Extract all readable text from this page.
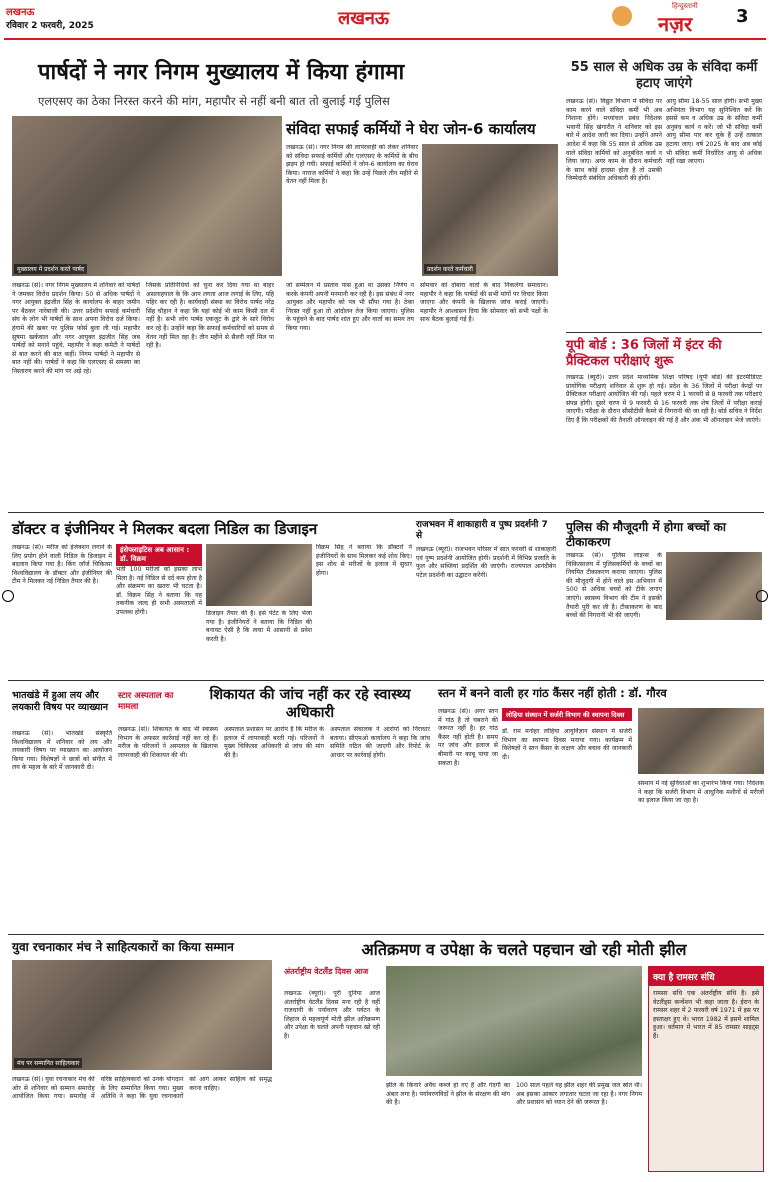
लखनऊ
रविवार 2 फरवरी, 2025	लखनऊ
हिन्दुस्तानी
नज़र 3
पार्षदों ने नगर निगम मुख्यालय में किया हंगामा
एलएसए का ठेका निरस्त करने की मांग, महापौर से नहीं बनी बात तो बुलाई गई पुलिस
मुख्यालय में प्रदर्शन करते पार्षद
लखनऊ (सं)। नगर निगम मुख्यालय में शनिवार को पार्षदों ने जमकर विरोध प्रदर्शन किया। 50 से अधिक पार्षदों ने नगर आयुक्त इंद्रजीत सिंह के कार्यालय के बाहर जमीन पर बैठकर नारेबाजी की। उत्तर प्रदेशीय सफाई कर्मचारी संघ के लोग भी पार्षदों के साथ अपना विरोध दर्ज किया। हंगामे की खबर पर पुलिस फोर्स बुला ली गई। महापौर सुषमा खर्कवाल और नगर आयुक्त इंद्रजीत सिंह जब पार्षदों को मनाने पहुंचे, महापौर ने कहा कमेटी ने पार्षदों से बात करने की बात कहीं। निगम पार्षदों ने महापौर से बात नहीं की। पार्षदों ने कहा कि एलएसए से समस्या का निस्तारण करने की मांग पर अड़े रहे।
जिसके प्रतिनिधियों को चुना कर दिया गया था बाहर असलाहपाल के कि आप लगता आज लगाई के लिए, पहि पहिर कर रही है। कार्यवाही संस्था का विरोध पार्षद नरेंद्र सिंह चौहान ने कहा कि यहां कोई भी काम किसी दल में नहीं है। सभी लोग पार्षद एकजुट के द्वारे के सारे विरोध कर रहे है। उन्होंने कहा कि सफाई कर्मचारियों को समय से वेतन नहीं मिल रहा है। तीन महीने से सैलरी नहीं मिल पा रही है।
जो सम्मेलन में प्रस्ताव पास हुआ था उसका निर्णय न करके कंपनी अपनी मनमानी कर रही है। इस संबंध में नगर आयुक्त और महापौर को पत्र भी सौंपा गया है। ठेका निरस्त नहीं हुआ तो आंदोलन तेज किया जाएगा। पुलिस के पहुंचने के बाद पार्षद शांत हुए और वार्ता का समय तय किया गया।
सोमवार को दोबारा वार्ता के बाद निकलेगा समाधान। महापौर ने कहा कि पार्षदों की सभी मांगों पर विचार किया जाएगा और कंपनी के खिलाफ जांच कराई जाएगी। महापौर ने आश्वासन दिया कि सोमवार को सभी पक्षों के साथ बैठक बुलाई गई है।
संविदा सफाई कर्मियों ने घेरा जोन-6 कार्यालय
लखनऊ (सं)। नगर निगम की लापरवाही को लेकर शनिवार को संविदा सफाई कर्मियों और एलएसए के कर्मियों के बीच झड़प हो गयी। सफाई कर्मियों ने जोन-6 कार्यालय का घेराव किया। नाराज कर्मियों ने कहा कि उन्हें पिछले तीन महीने से वेतन नहीं मिला है।
प्रदर्शन करते कर्मचारी
55 साल से अधिक उम्र के संविदा कर्मी हटाए जाएंगे
लखनऊ (सं)। विद्युत विभाग में संविदा पर काम करने वाले संविदा कर्मी भी अब निशाना होंगे। मध्यांचल प्रबंध निदेशक भवानी सिंह खंगारौत ने शनिवार को इस बारे में आदेश जारी कर दिया। उन्होंने अपने आदेश में कहा कि 55 साल से अधिक उम्र वाले संविदा कर्मियों को अनुबंधित कार्य न लिया जाए। अगर काम के दौरान कर्मचारी के साथ कोई हादसा होता है तो उसकी जिम्मेदारी संबंधित अधिकारी की होगी।
आयु सीमा 18-55 साल होगी। सभी मुख्य अभियंता विभाग यह सुनिश्चित करें कि इससे कम व अधिक उम्र के संविदा कर्मी अनुबंध कार्य न करें। जो भी संविदा कर्मी आयु सीमा पार कर चुके हैं उन्हें तत्काल हटाया जाए। वर्ष 2025 के बाद अब कोई भी संविदा कर्मी निर्धारित आयु से अधिक नहीं रखा जाएगा।
यूपी बोर्ड : 36 जिलों में इंटर की प्रैक्टिकल परीक्षाएं शुरू
लखनऊ (ब्यूरो)। उत्तर प्रदेश माध्यमिक शिक्षा परिषद (यूपी बोर्ड) की इंटरमीडिएट प्रायोगिक परीक्षाएं शनिवार से शुरू हो गई। प्रदेश के 36 जिलों में परीक्षा केन्द्रों पर प्रैक्टिकल परीक्षाएं आयोजित की गईं। पहले चरण में 1 फरवरी से 8 फरवरी तक परीक्षाएं संपन्न होंगी। दूसरे चरण में 9 फरवरी से 16 फरवरी तक शेष जिलों में परीक्षा कराई जाएगी। परीक्षा के दौरान सीसीटीवी कैमरे से निगरानी की जा रही है। बोर्ड सचिव ने निर्देश दिए हैं कि परीक्षकों की तैनाती ऑनलाइन की गई है और अंक भी ऑनलाइन भेजे जाएंगे।
डॉक्टर व इंजीनियर ने मिलकर बदला निडिल का डिजाइन
लखनऊ (सं)। मरीज को इंजेक्शन लगाने के लिए प्रयोग होने वाली निडिल के डिजाइन में बदलाव किया गया है। किंग जॉर्ज चिकित्सा विश्वविद्यालय के डॉक्टर और इंजीनियर की टीम ने मिलकर नई निडिल तैयार की है।
इंसेफ्लाइटिस अब आसान : डॉ. विक्रम
भर्ती 100 मरीजों को इसका लाभ मिला है। नई निडिल से दर्द कम होता है और संक्रमण का खतरा भी घटता है। डॉ. विक्रम सिंह ने बताया कि यह तकनीक जल्द ही सभी अस्पतालों में उपलब्ध होगी।	डिजाइन तैयार की है। इसे पेटेंट के लिए भेजा गया है। इंजीनियरों ने बताया कि निडिल की बनावट ऐसी है कि त्वचा में आसानी से प्रवेश करती है।
विक्रम सिंह ने बताया कि डॉक्टरों ने इंजीनियरों के साथ मिलकर कई शोध किए। इस शोध से मरीजों के इलाज में सुधार होगा।
राजभवन में शाकाहारी व पुष्प प्रदर्शनी 7 से
लखनऊ (ब्यूरो)। राजभवन परिसर में सात फरवरी से शाकाहारी एवं पुष्प प्रदर्शनी आयोजित होगी। प्रदर्शनी में विभिन्न प्रजाति के फूल और सब्जियां प्रदर्शित की जाएंगी। राज्यपाल आनंदीबेन पटेल प्रदर्शनी का उद्घाटन करेंगी।
पुलिस की मौजूदगी में होगा बच्चों का टीकाकरण
लखनऊ (सं)। पुलिस लाइन्स के चिकित्सालय में पुलिसकर्मियों के बच्चों का नियमित टीकाकरण कराया जाएगा। पुलिस की मौजूदगी में होने वाले इस अभियान में 500 से अधिक बच्चों को टीके लगाए जाएंगे। स्वास्थ्य विभाग की टीम ने इसकी तैयारी पूरी कर ली है। टीकाकरण के बाद बच्चों की निगरानी भी की जाएगी।
भातखंडे में हुआ लय और लयकारी विषय पर व्याख्यान
लखनऊ (सं)। भातखंडे संस्कृति विश्वविद्यालय में शनिवार को लय और लयकारी विषय पर व्याख्यान का आयोजन किया गया। विशेषज्ञों ने छात्रों को संगीत में लय के महत्व के बारे में जानकारी दी।
स्टार अस्पताल का मामला
शिकायत की जांच नहीं कर रहे स्वास्थ्य अधिकारी
लखनऊ (सं)। शिकायत के बाद भी स्वास्थ्य विभाग के अफसर कार्रवाई नहीं कर रहे हैं। मरीज के परिजनों ने अस्पताल के खिलाफ लापरवाही की शिकायत की थी।
अस्पताल प्रशासन पर आरोप है कि मरीज के इलाज में लापरवाही बरती गई। परिजनों ने मुख्य चिकित्सा अधिकारी से जांच की मांग की है।
अस्पताल संचालक ने आरोपों को निराधार बताया। सीएमओ कार्यालय ने कहा कि जांच समिति गठित की जाएगी और रिपोर्ट के आधार पर कार्रवाई होगी।
स्तन में बनने वाली हर गांठ कैंसर नहीं होती : डॉ. गौरव
लखनऊ (सं)। अगर स्तन में गांठ है तो घबराने की जरूरत नहीं है। हर गांठ कैंसर नहीं होती है। समय पर जांच और इलाज से बीमारी पर काबू पाया जा सकता है।
लोहिया संस्थान में सर्जरी विभाग की स्थापना दिवस
डॉ. राम मनोहर लोहिया आयुर्विज्ञान संस्थान में सर्जरी विभाग का स्थापना दिवस मनाया गया। कार्यक्रम में विशेषज्ञों ने स्तन कैंसर के लक्षण और बचाव की जानकारी दी।
संस्थान में नई सुविधाओं का शुभारंभ किया गया। निदेशक ने कहा कि सर्जरी विभाग में आधुनिक मशीनों से मरीजों का इलाज किया जा रहा है।
युवा रचनाकार मंच ने साहित्यकारों का किया सम्मान
मंच पर सम्मानित साहित्यकार
लखनऊ (सं)। युवा रचनाकार मंच की ओर से शनिवार को सम्मान समारोह आयोजित किया गया। समारोह में वरिष्ठ साहित्यकारों को उनके योगदान के लिए सम्मानित किया गया। मुख्य अतिथि ने कहा कि युवा रचनाकारों को आगे आकर साहित्य को समृद्ध करना चाहिए।
अतिक्रमण व उपेक्षा के चलते पहचान खो रही मोती झील
अंतर्राष्ट्रीय वेटलैंड दिवस आज
लखनऊ (ब्यूरो)। पूरी दुनिया आज अंतर्राष्ट्रीय वेटलैंड दिवस मना रही है वहीं राजधानी के पर्यावरण और पर्यटन के लिहाज से महत्वपूर्ण मोती झील अतिक्रमण और उपेक्षा के चलते अपनी पहचान खो रही है।
झील के किनारे अवैध कब्जे हो गए हैं और गंदगी का अंबार लगा है। पर्यावरणविदों ने झील के संरक्षण की मांग की है।
100 साल पहले यह झील शहर की प्रमुख जल स्रोत थी। अब इसका आकार लगातार घटता जा रहा है। नगर निगम और प्रशासन को ध्यान देने की जरूरत है।
क्या है रामसर संधि
रामसर संधि एक अंतर्राष्ट्रीय संधि है। इसे वेटलैंड्स कन्वेंशन भी कहा जाता है। ईरान के रामसर शहर में 2 फरवरी वर्ष 1971 में इस पर हस्ताक्षर हुए थे। भारत 1982 में इसमें शामिल हुआ। वर्तमान में भारत में 85 रामसर साइट्स हैं।
